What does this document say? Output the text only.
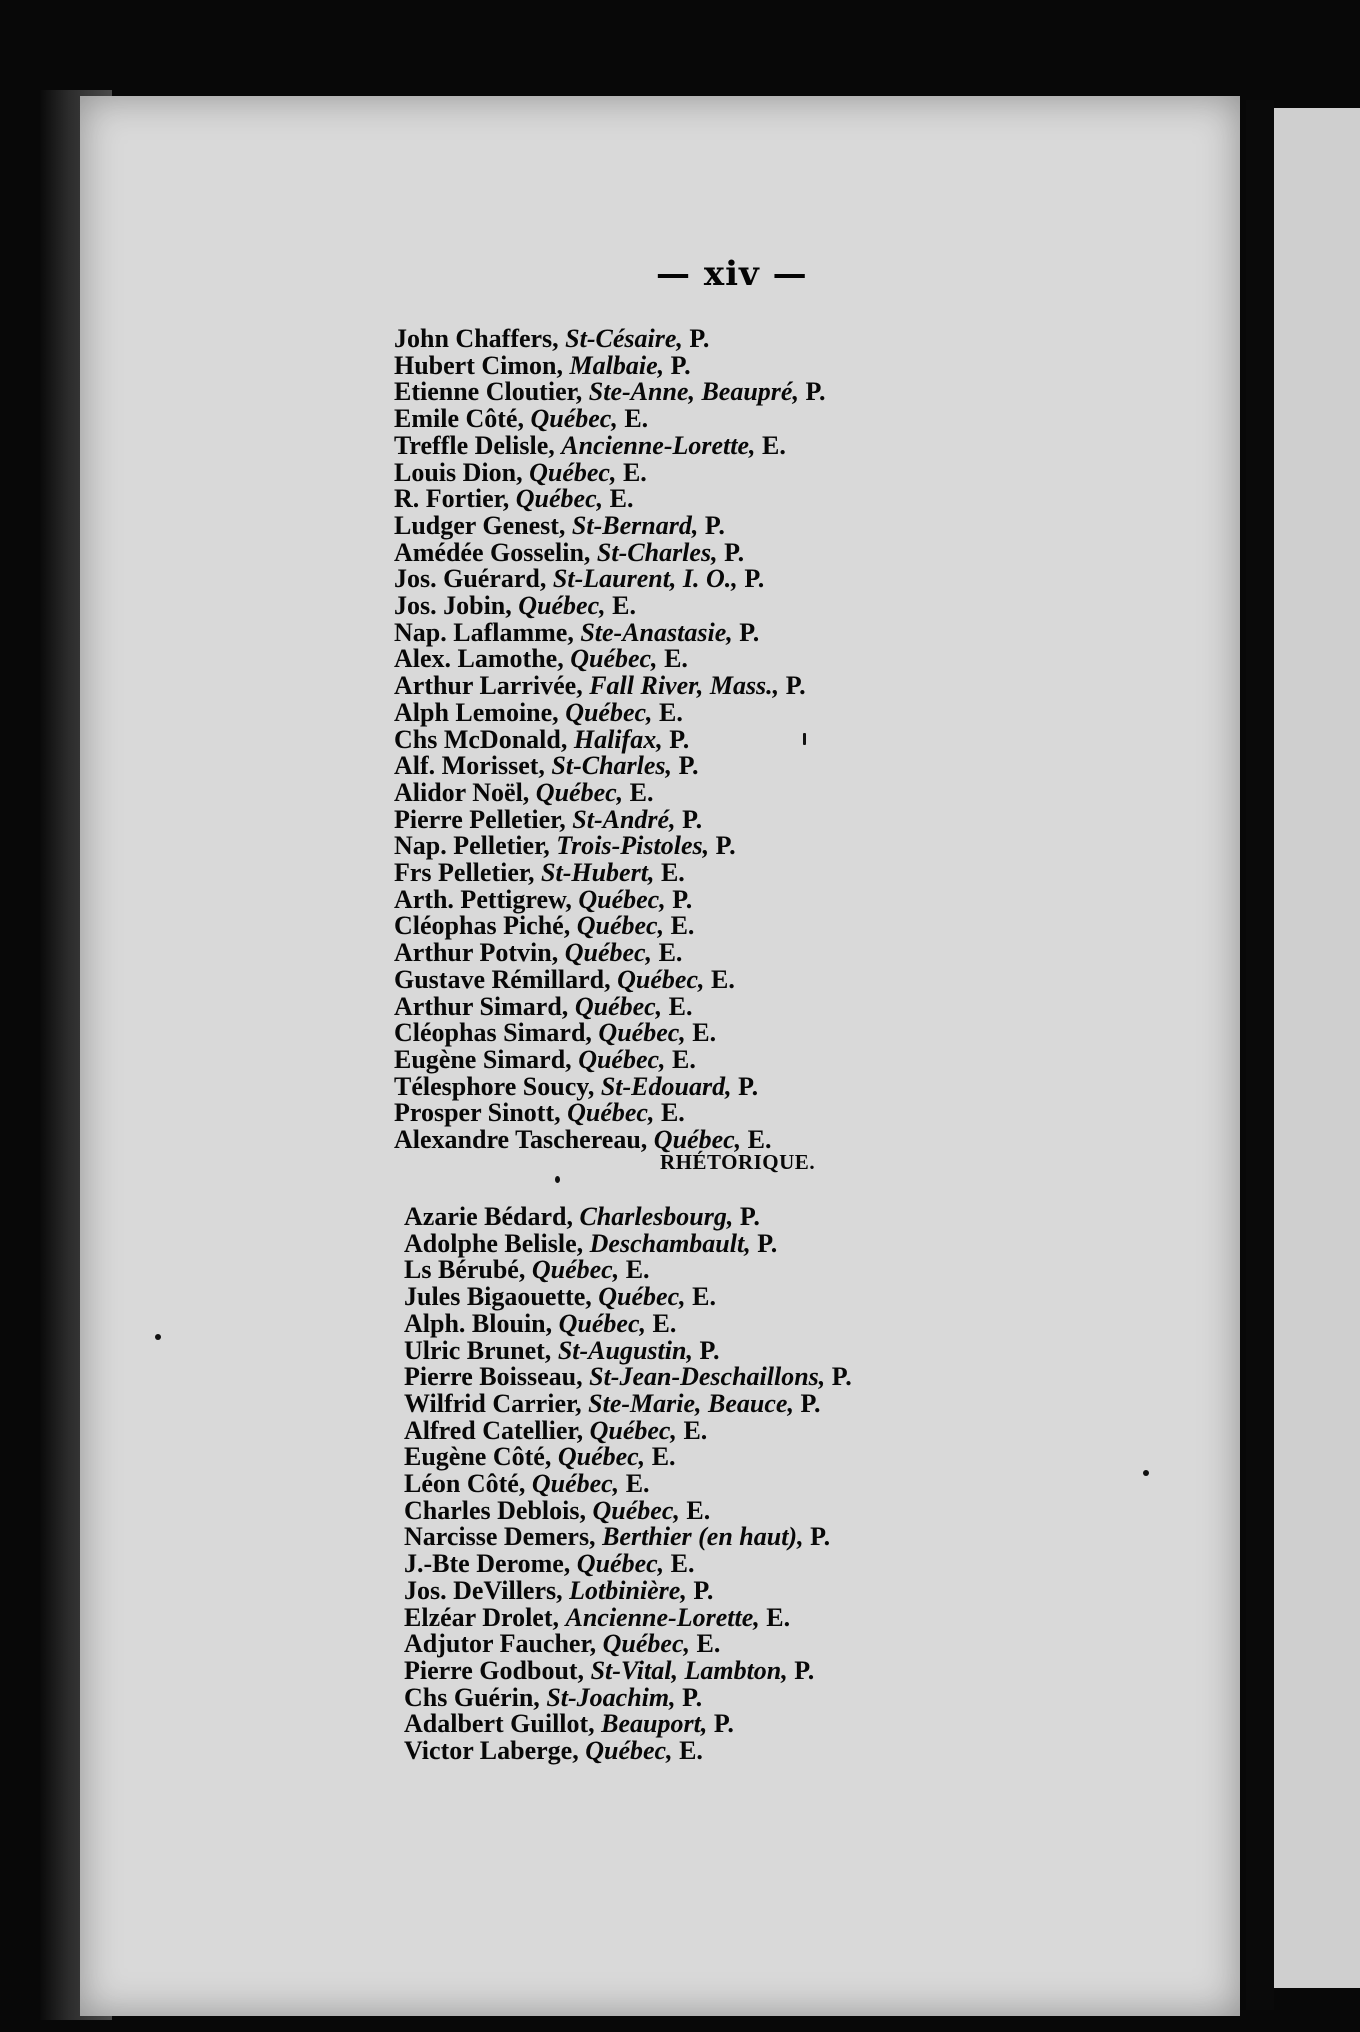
— xiv —
John Chaffers, St-Césaire, P.
Hubert Cimon, Malbaie, P.
Etienne Cloutier, Ste-Anne, Beaupré, P.
Emile Côté, Québec, E.
Treffle Delisle, Ancienne-Lorette, E.
Louis Dion, Québec, E.
R. Fortier, Québec, E.
Ludger Genest, St-Bernard, P.
Amédée Gosselin, St-Charles, P.
Jos. Guérard, St-Laurent, I. O., P.
Jos. Jobin, Québec, E.
Nap. Laflamme, Ste-Anastasie, P.
Alex. Lamothe, Québec, E.
Arthur Larrivée, Fall River, Mass., P.
Alph Lemoine, Québec, E.
Chs McDonald, Halifax, P.
Alf. Morisset, St-Charles, P.
Alidor Noël, Québec, E.
Pierre Pelletier, St-André, P.
Nap. Pelletier, Trois-Pistoles, P.
Frs Pelletier, St-Hubert, E.
Arth. Pettigrew, Québec, P.
Cléophas Piché, Québec, E.
Arthur Potvin, Québec, E.
Gustave Rémillard, Québec, E.
Arthur Simard, Québec, E.
Cléophas Simard, Québec, E.
Eugène Simard, Québec, E.
Télesphore Soucy, St-Edouard, P.
Prosper Sinott, Québec, E.
Alexandre Taschereau, Québec, E.
RHÉTORIQUE.
Azarie Bédard, Charlesbourg, P.
Adolphe Belisle, Deschambault, P.
Ls Bérubé, Québec, E.
Jules Bigaouette, Québec, E.
Alph. Blouin, Québec, E.
Ulric Brunet, St-Augustin, P.
Pierre Boisseau, St-Jean-Deschaillons, P.
Wilfrid Carrier, Ste-Marie, Beauce, P.
Alfred Catellier, Québec, E.
Eugène Côté, Québec, E.
Léon Côté, Québec, E.
Charles Deblois, Québec, E.
Narcisse Demers, Berthier (en haut), P.
J.-Bte Derome, Québec, E.
Jos. DeVillers, Lotbinière, P.
Elzéar Drolet, Ancienne-Lorette, E.
Adjutor Faucher, Québec, E.
Pierre Godbout, St-Vital, Lambton, P.
Chs Guérin, St-Joachim, P.
Adalbert Guillot, Beauport, P.
Victor Laberge, Québec, E.
